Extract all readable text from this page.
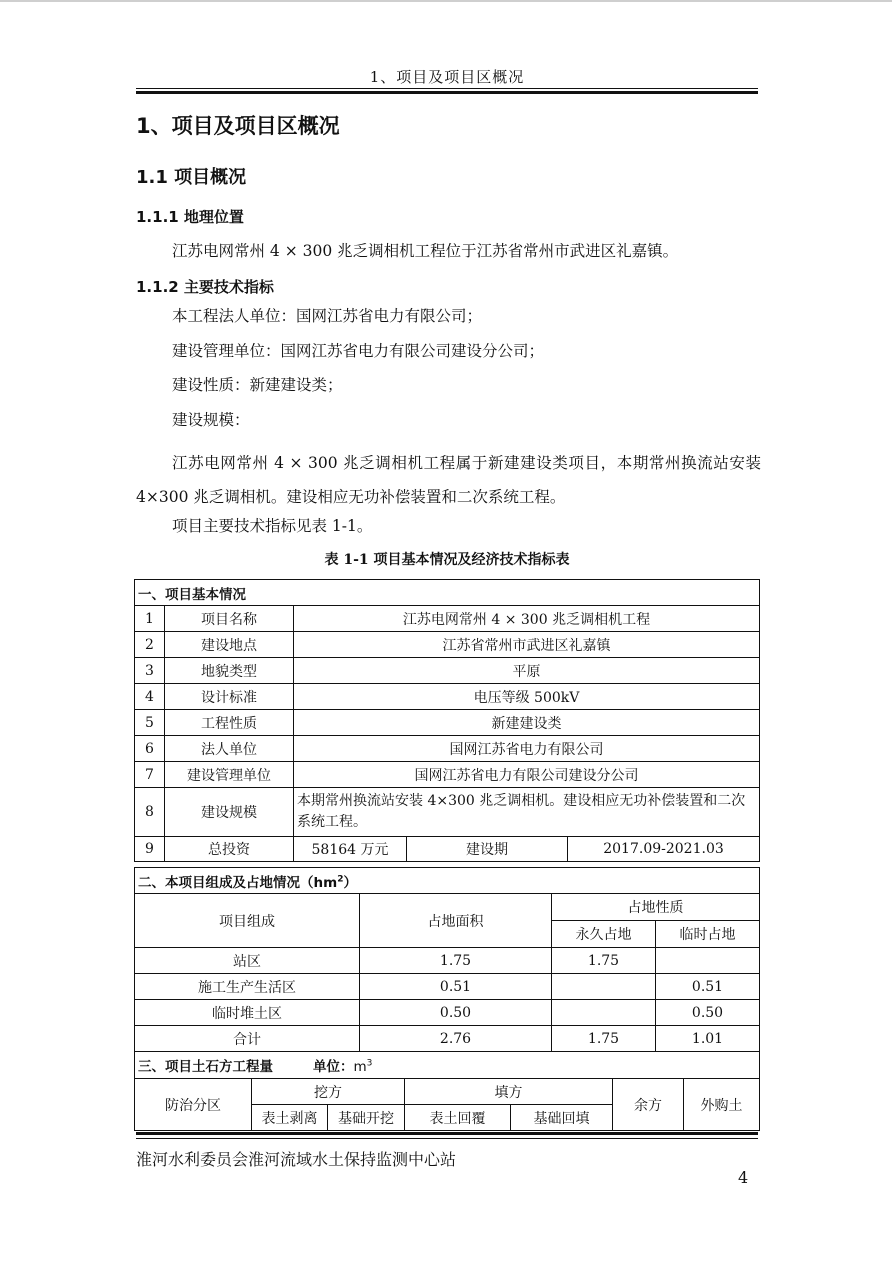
1、项目及项目区概况
1、项目及项目区概况
1.1 项目概况
1.1.1 地理位置
江苏电网常州 4 × 300 兆乏调相机工程位于江苏省常州市武进区礼嘉镇。
1.1.2 主要技术指标
本工程法人单位：国网江苏省电力有限公司；
建设管理单位：国网江苏省电力有限公司建设分公司；
建设性质：新建建设类；
建设规模：
江苏电网常州 4 × 300 兆乏调相机工程属于新建建设类项目，本期常州换流站安装 4×300 兆乏调相机。建设相应无功补偿装置和二次系统工程。
项目主要技术指标见表 1-1。
表 1-1 项目基本情况及经济技术指标表
一、项目基本情况				
1	项目名称	江苏电网常州 4 × 300 兆乏调相机工程		
2	建设地点	江苏省常州市武进区礼嘉镇		
3	地貌类型	平原		
4	设计标准	电压等级 500kV		
5	工程性质	新建建设类		
6	法人单位	国网江苏省电力有限公司		
7	建设管理单位	国网江苏省电力有限公司建设分公司		
8	建设规模	本期常州换流站安装 4×300 兆乏调相机。建设相应无功补偿装置和二次系统工程。		
9	总投资	58164 万元	建设期	2017.09-2021.03
二、本项目组成及占地情况$(hm^2)$			
项目组成	占地面积	占地性质	
		永久占地	临时占地
站区	1.75	1.75	
施工生产生活区	0.51		0.51
临时堆土区	0.50		0.50
合计	2.76	1.75	1.01
三、项目土石方工程量 单位：$m^3$
防治分区	挖方		填方		余方	外购土
	表土剥离	基础开挖	表土回覆	基础回填		
淮河水利委员会淮河流域水土保持监测中心站
4
